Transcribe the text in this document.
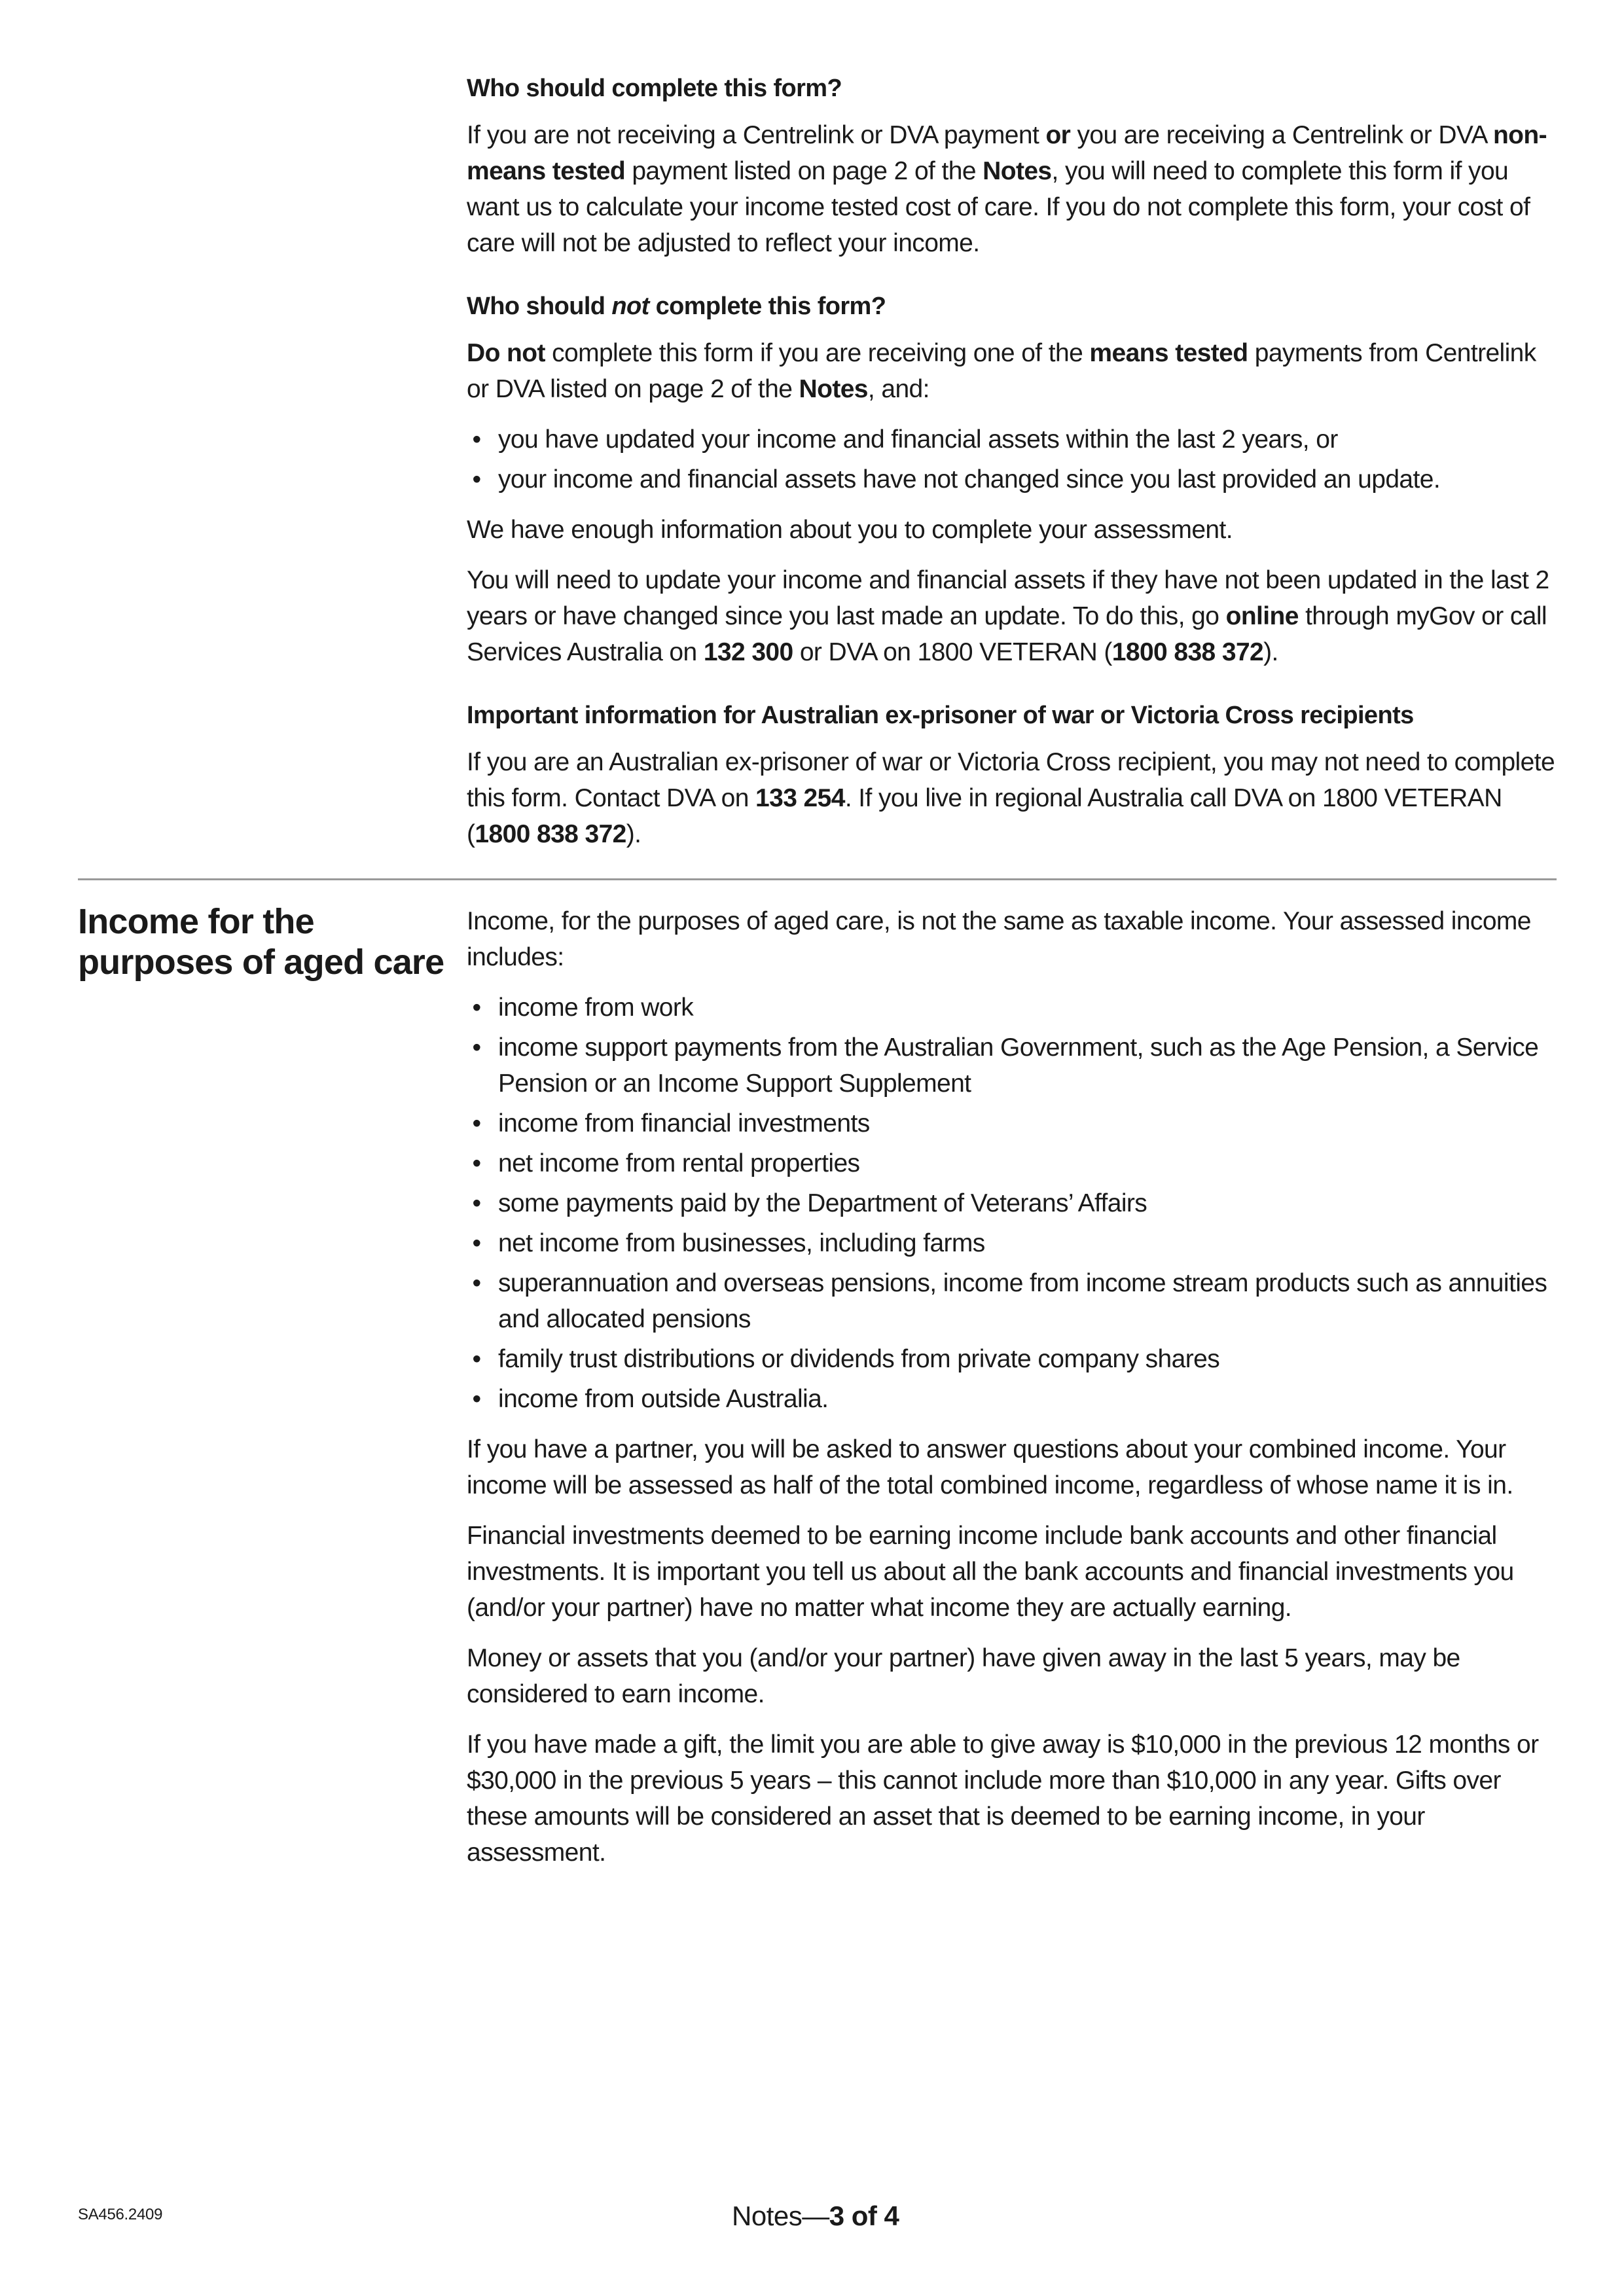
Who should complete this form?

If you are not receiving a Centrelink or DVA payment or you are receiving a Centrelink or DVA non-means tested payment listed on page 2 of the Notes, you will need to complete this form if you want us to calculate your income tested cost of care. If you do not complete this form, your cost of care will not be adjusted to reflect your income.

Who should not complete this form?

Do not complete this form if you are receiving one of the means tested payments from Centrelink or DVA listed on page 2 of the Notes, and:

• you have updated your income and financial assets within the last 2 years, or
• your income and financial assets have not changed since you last provided an update.

We have enough information about you to complete your assessment.

You will need to update your income and financial assets if they have not been updated in the last 2 years or have changed since you last made an update. To do this, go online through myGov or call Services Australia on 132 300 or DVA on 1800 VETERAN (1800 838 372).

Important information for Australian ex-prisoner of war or Victoria Cross recipients

If you are an Australian ex-prisoner of war or Victoria Cross recipient, you may not need to complete this form. Contact DVA on 133 254. If you live in regional Australia call DVA on 1800 VETERAN (1800 838 372).

Income for the
purposes of aged care

Income, for the purposes of aged care, is not the same as taxable income. Your assessed income includes:

• income from work
• income support payments from the Australian Government, such as the Age Pension, a Service Pension or an Income Support Supplement
• income from financial investments
• net income from rental properties
• some payments paid by the Department of Veterans’ Affairs
• net income from businesses, including farms
• superannuation and overseas pensions, income from income stream products such as annuities and allocated pensions
• family trust distributions or dividends from private company shares
• income from outside Australia.

If you have a partner, you will be asked to answer questions about your combined income. Your income will be assessed as half of the total combined income, regardless of whose name it is in.

Financial investments deemed to be earning income include bank accounts and other financial investments. It is important you tell us about all the bank accounts and financial investments you (and/or your partner) have no matter what income they are actually earning.

Money or assets that you (and/or your partner) have given away in the last 5 years, may be considered to earn income.

If you have made a gift, the limit you are able to give away is $10,000 in the previous 12 months or $30,000 in the previous 5 years – this cannot include more than $10,000 in any year. Gifts over these amounts will be considered an asset that is deemed to be earning income, in your assessment.

SA456.2409	Notes—3 of 4
